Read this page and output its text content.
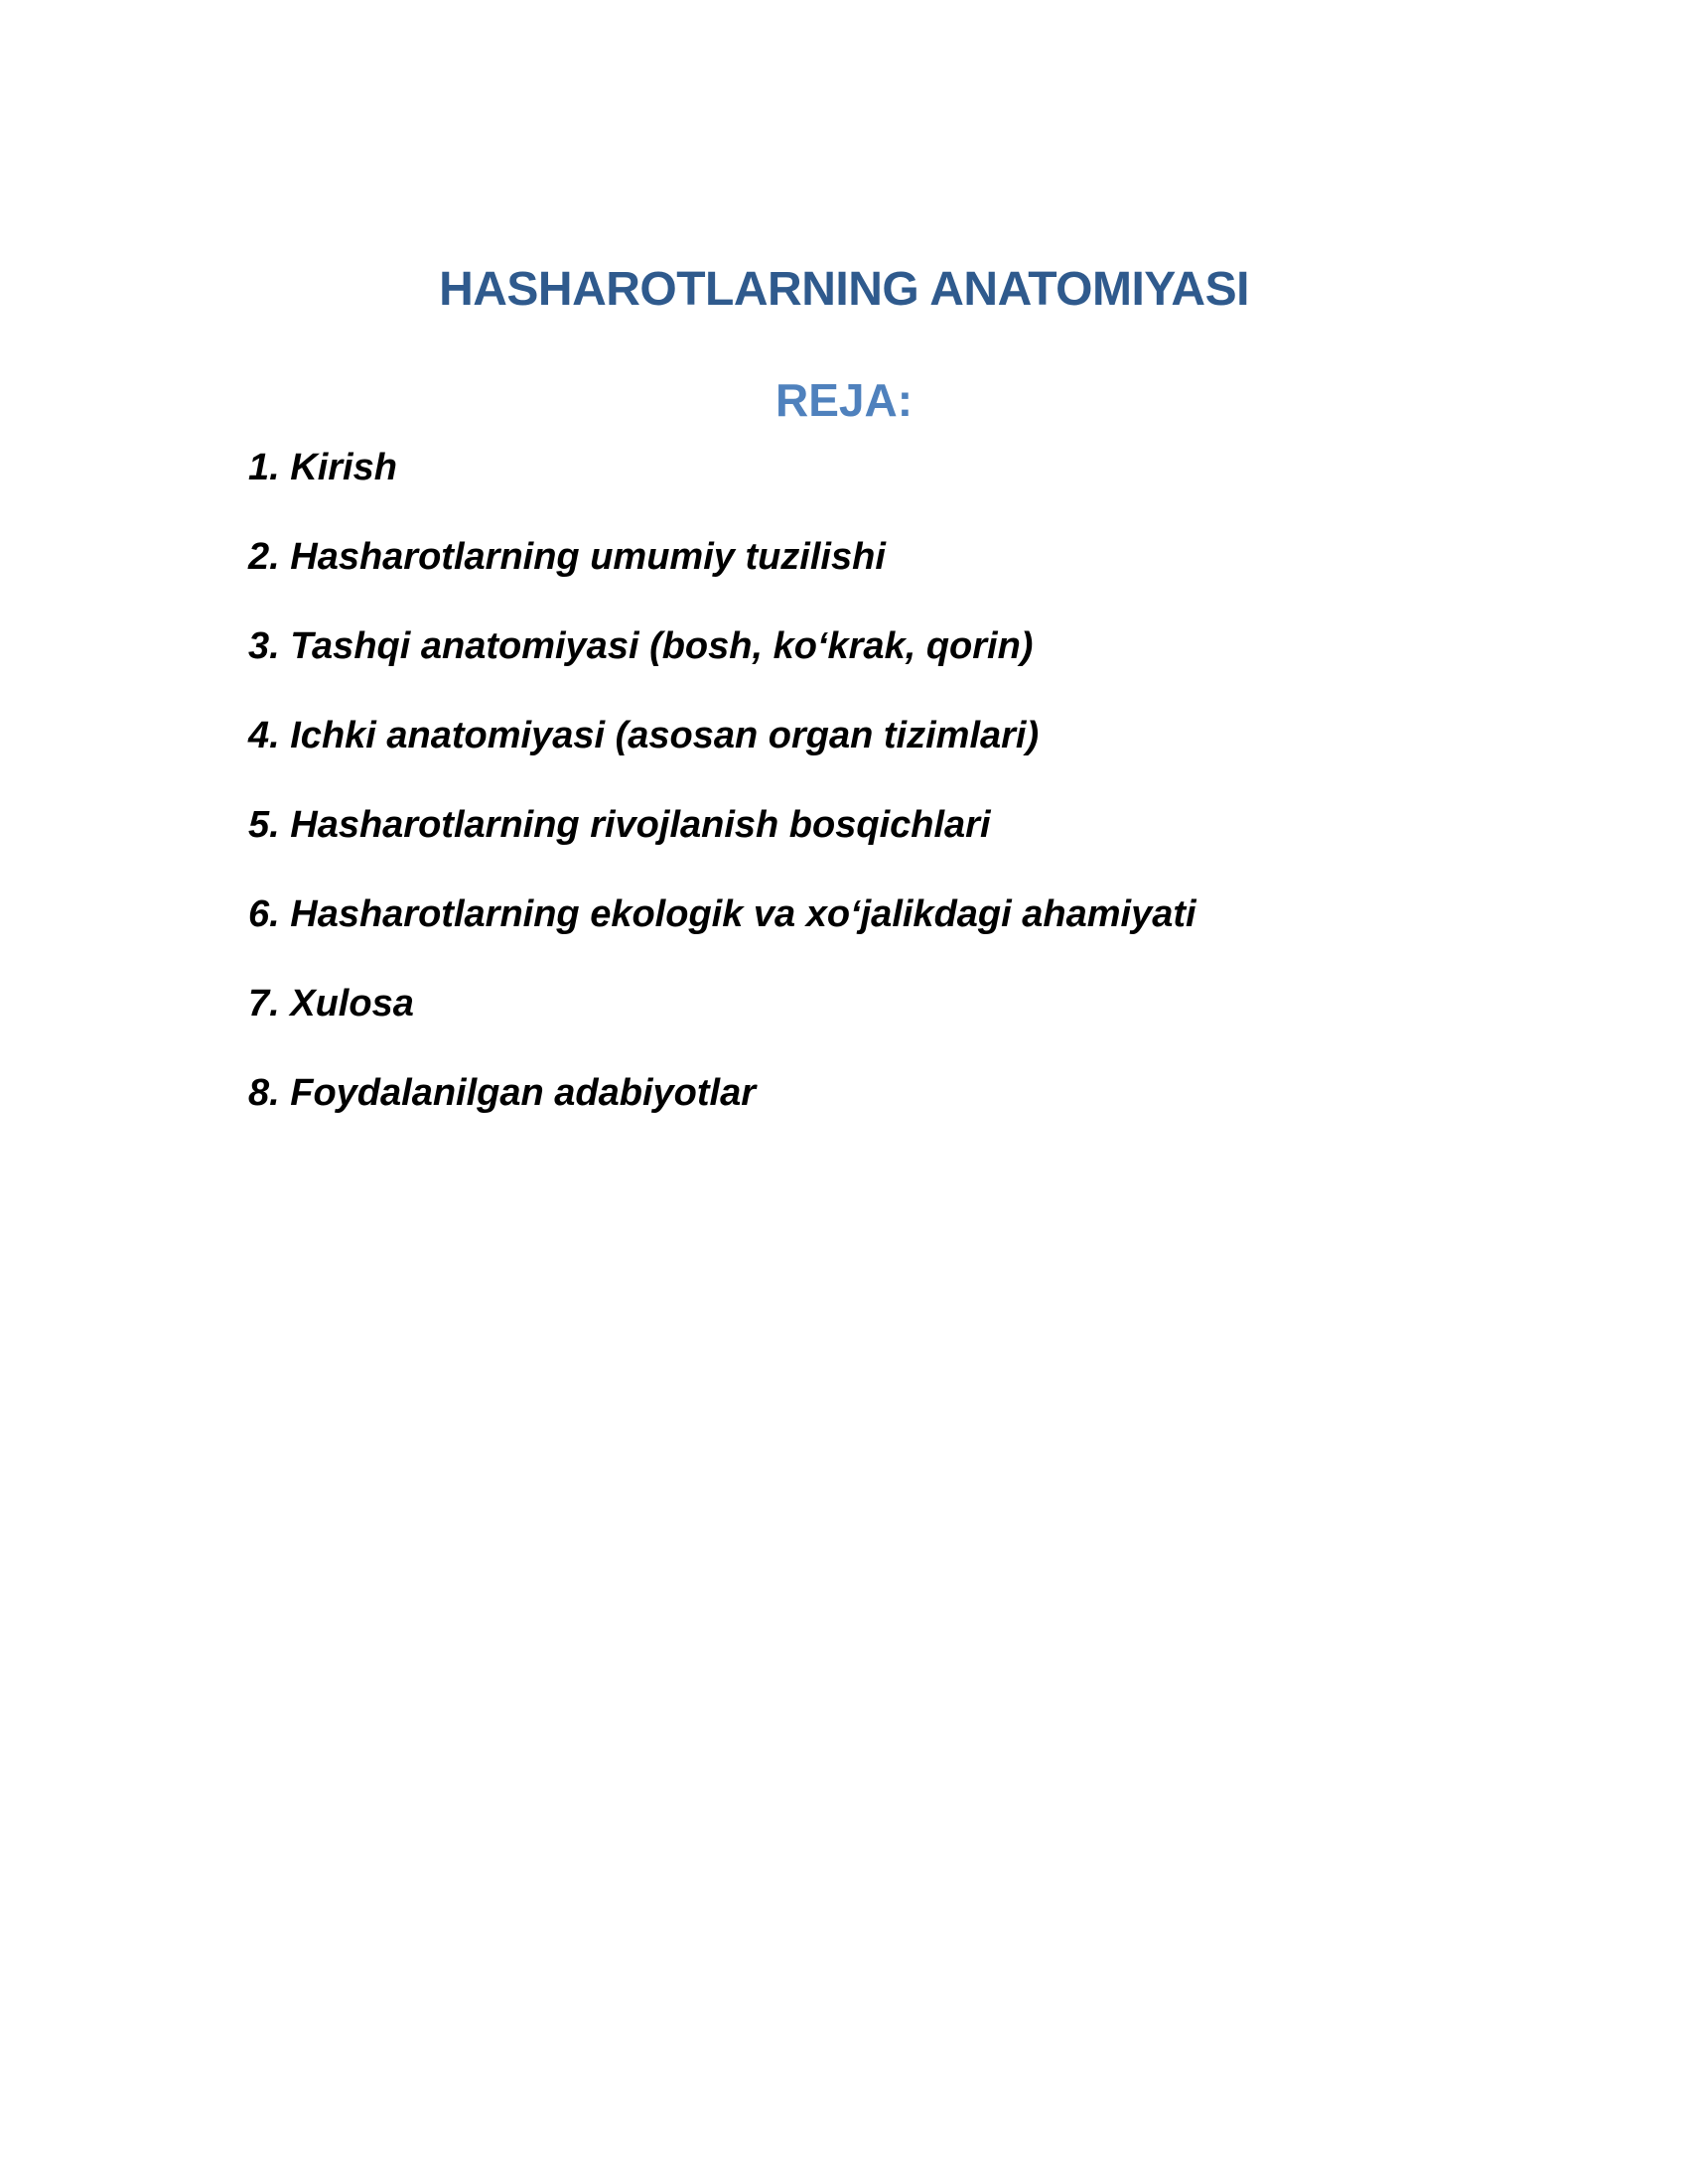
HASHAROTLARNING ANATOMIYASI
REJA:
1. Kirish
2. Hasharotlarning umumiy tuzilishi
3. Tashqi anatomiyasi (bosh, ko‘krak, qorin)
4. Ichki anatomiyasi (asosan organ tizimlari)
5. Hasharotlarning rivojlanish bosqichlari
6. Hasharotlarning ekologik va xo‘jalikdagi ahamiyati
7. Xulosa
8. Foydalanilgan adabiyotlar
